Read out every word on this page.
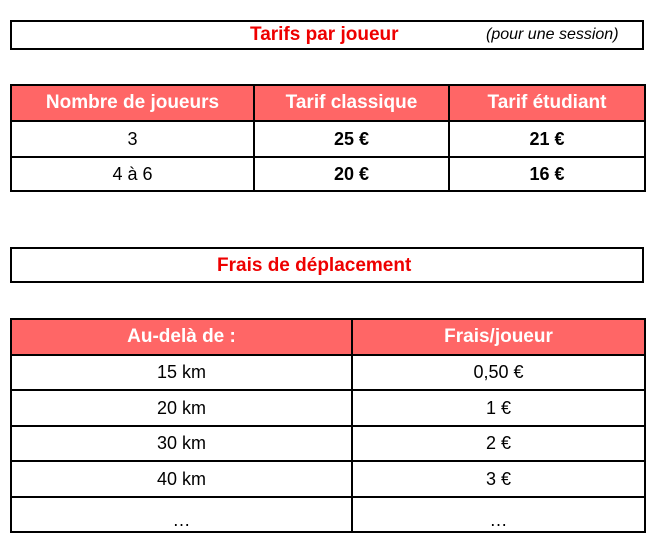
Tarifs par joueur	(pour une session)
Nombre de joueurs	Tarif classique	Tarif étudiant
3	25 €	21 €
4 à 6	20 €	16 €
Frais de déplacement
Au-delà de :	Frais/joueur
15 km	0,50 €
20 km	1 €
30 km	2 €
40 km	3 €
…	…
